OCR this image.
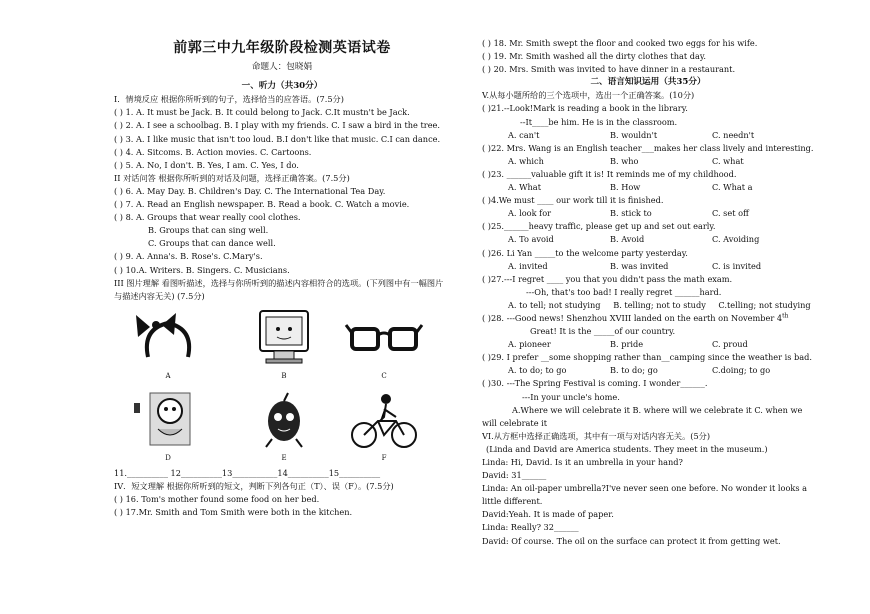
前郭三中九年级阶段检测英语试卷
命题人：包晓娟
一、听力（共30分）
I．情境反应 根据你所听到的句子，选择恰当的应答语。(7.5分)
( ) 1. A. It must be Jack. B. It could belong to Jack. C.It mustn't be Jack.
( ) 2. A. I see a schoolbag. B. I play with my friends. C. I saw a bird in the tree.
( ) 3. A. I like music that isn't too loud. B.I don't like that music. C.I can dance.
( ) 4. A. Sitcoms. B. Action movies. C. Cartoons.
( ) 5. A. No, I don't. B. Yes, I am. C. Yes, I do.
II 对话问答 根据你所听到的对话及问题，选择正确答案。(7.5分)
( ) 6. A. May Day. B. Children's Day. C. The International Tea Day.
( ) 7. A. Read an English newspaper. B. Read a book. C. Watch a movie.
( ) 8. A. Groups that wear really cool clothes.
B. Groups that can sing well.
C. Groups that can dance well.
( ) 9. A. Anna's. B. Rose's. C.Mary's.
( ) 10.A. Writers. B. Singers. C. Musicians.
III 图片理解 看图听描述，选择与你所听到的描述内容相符合的选项。(下列图中有一幅图片与描述内容无关) (7.5分)
A	B	C
D	E	F
11.__________ 12__________13___________14__________15__________
IV．短文理解 根据你所听到的短文，判断下列各句正（T）、误（F）。(7.5分)
( ) 16. Tom's mother found some food on her bed.
( ) 17.Mr. Smith and Tom Smith were both in the kitchen.
( ) 18. Mr. Smith swept the floor and cooked two eggs for his wife.
( ) 19. Mr. Smith washed all the dirty clothes that day.
( ) 20. Mrs. Smith was invited to have dinner in a restaurant.
二、语言知识运用（共35分）
V.从每小题所给的三个选项中，选出一个正确答案。(10分)
( )21.--Look!Mark is reading a book in the library.
--It____be him. He is in the classroom.
A. can't	B. wouldn't	C. needn't
( )22. Mrs. Wang is an English teacher___makes her class lively and interesting.
A. which	B. who	C. what
( )23. ______valuable gift it is! It reminds me of my childhood.
A. What	B. How	C. What a
( )4.We must ____ our work till it is finished.
A. look for	B. stick to	C. set off
( )25.______heavy traffic, please get up and set out early.
A. To avoid	B. Avoid	C. Avoiding
( )26. Li Yan _____to the welcome party yesterday.
A. invited	B. was invited	C. is invited
( )27.---I regret ____ you that you didn't pass the math exam.
---Oh, that's too bad! I really regret ______hard.
A. to tell; not studying	B. telling; not to study	C.telling; not studying
( )28. ---Good news! Shenzhou XVIII landed on the earth on November 4th
Great! It is the _____of our country.
A. pioneer	B. pride	C. proud
( )29. I prefer __some shopping rather than__camping since the weather is bad.
A. to do; to go	B. to do; go	C.doing; to go
( )30. ---The Spring Festival is coming. I wonder______.
---In your uncle's home.
A.Where we will celebrate it B. where will we celebrate it C. when we will celebrate it
VI.从方框中选择正确选项，其中有一项与对话内容无关。(5分)
(Linda and David are America students. They meet in the museum.)
Linda: Hi, David. Is it an umbrella in your hand?
David: 31______
Linda: An oil-paper umbrella?I've never seen one before. No wonder it looks a little different.
David:Yeah. It is made of paper.
Linda: Really? 32______
David: Of course. The oil on the surface can protect it from getting wet.
